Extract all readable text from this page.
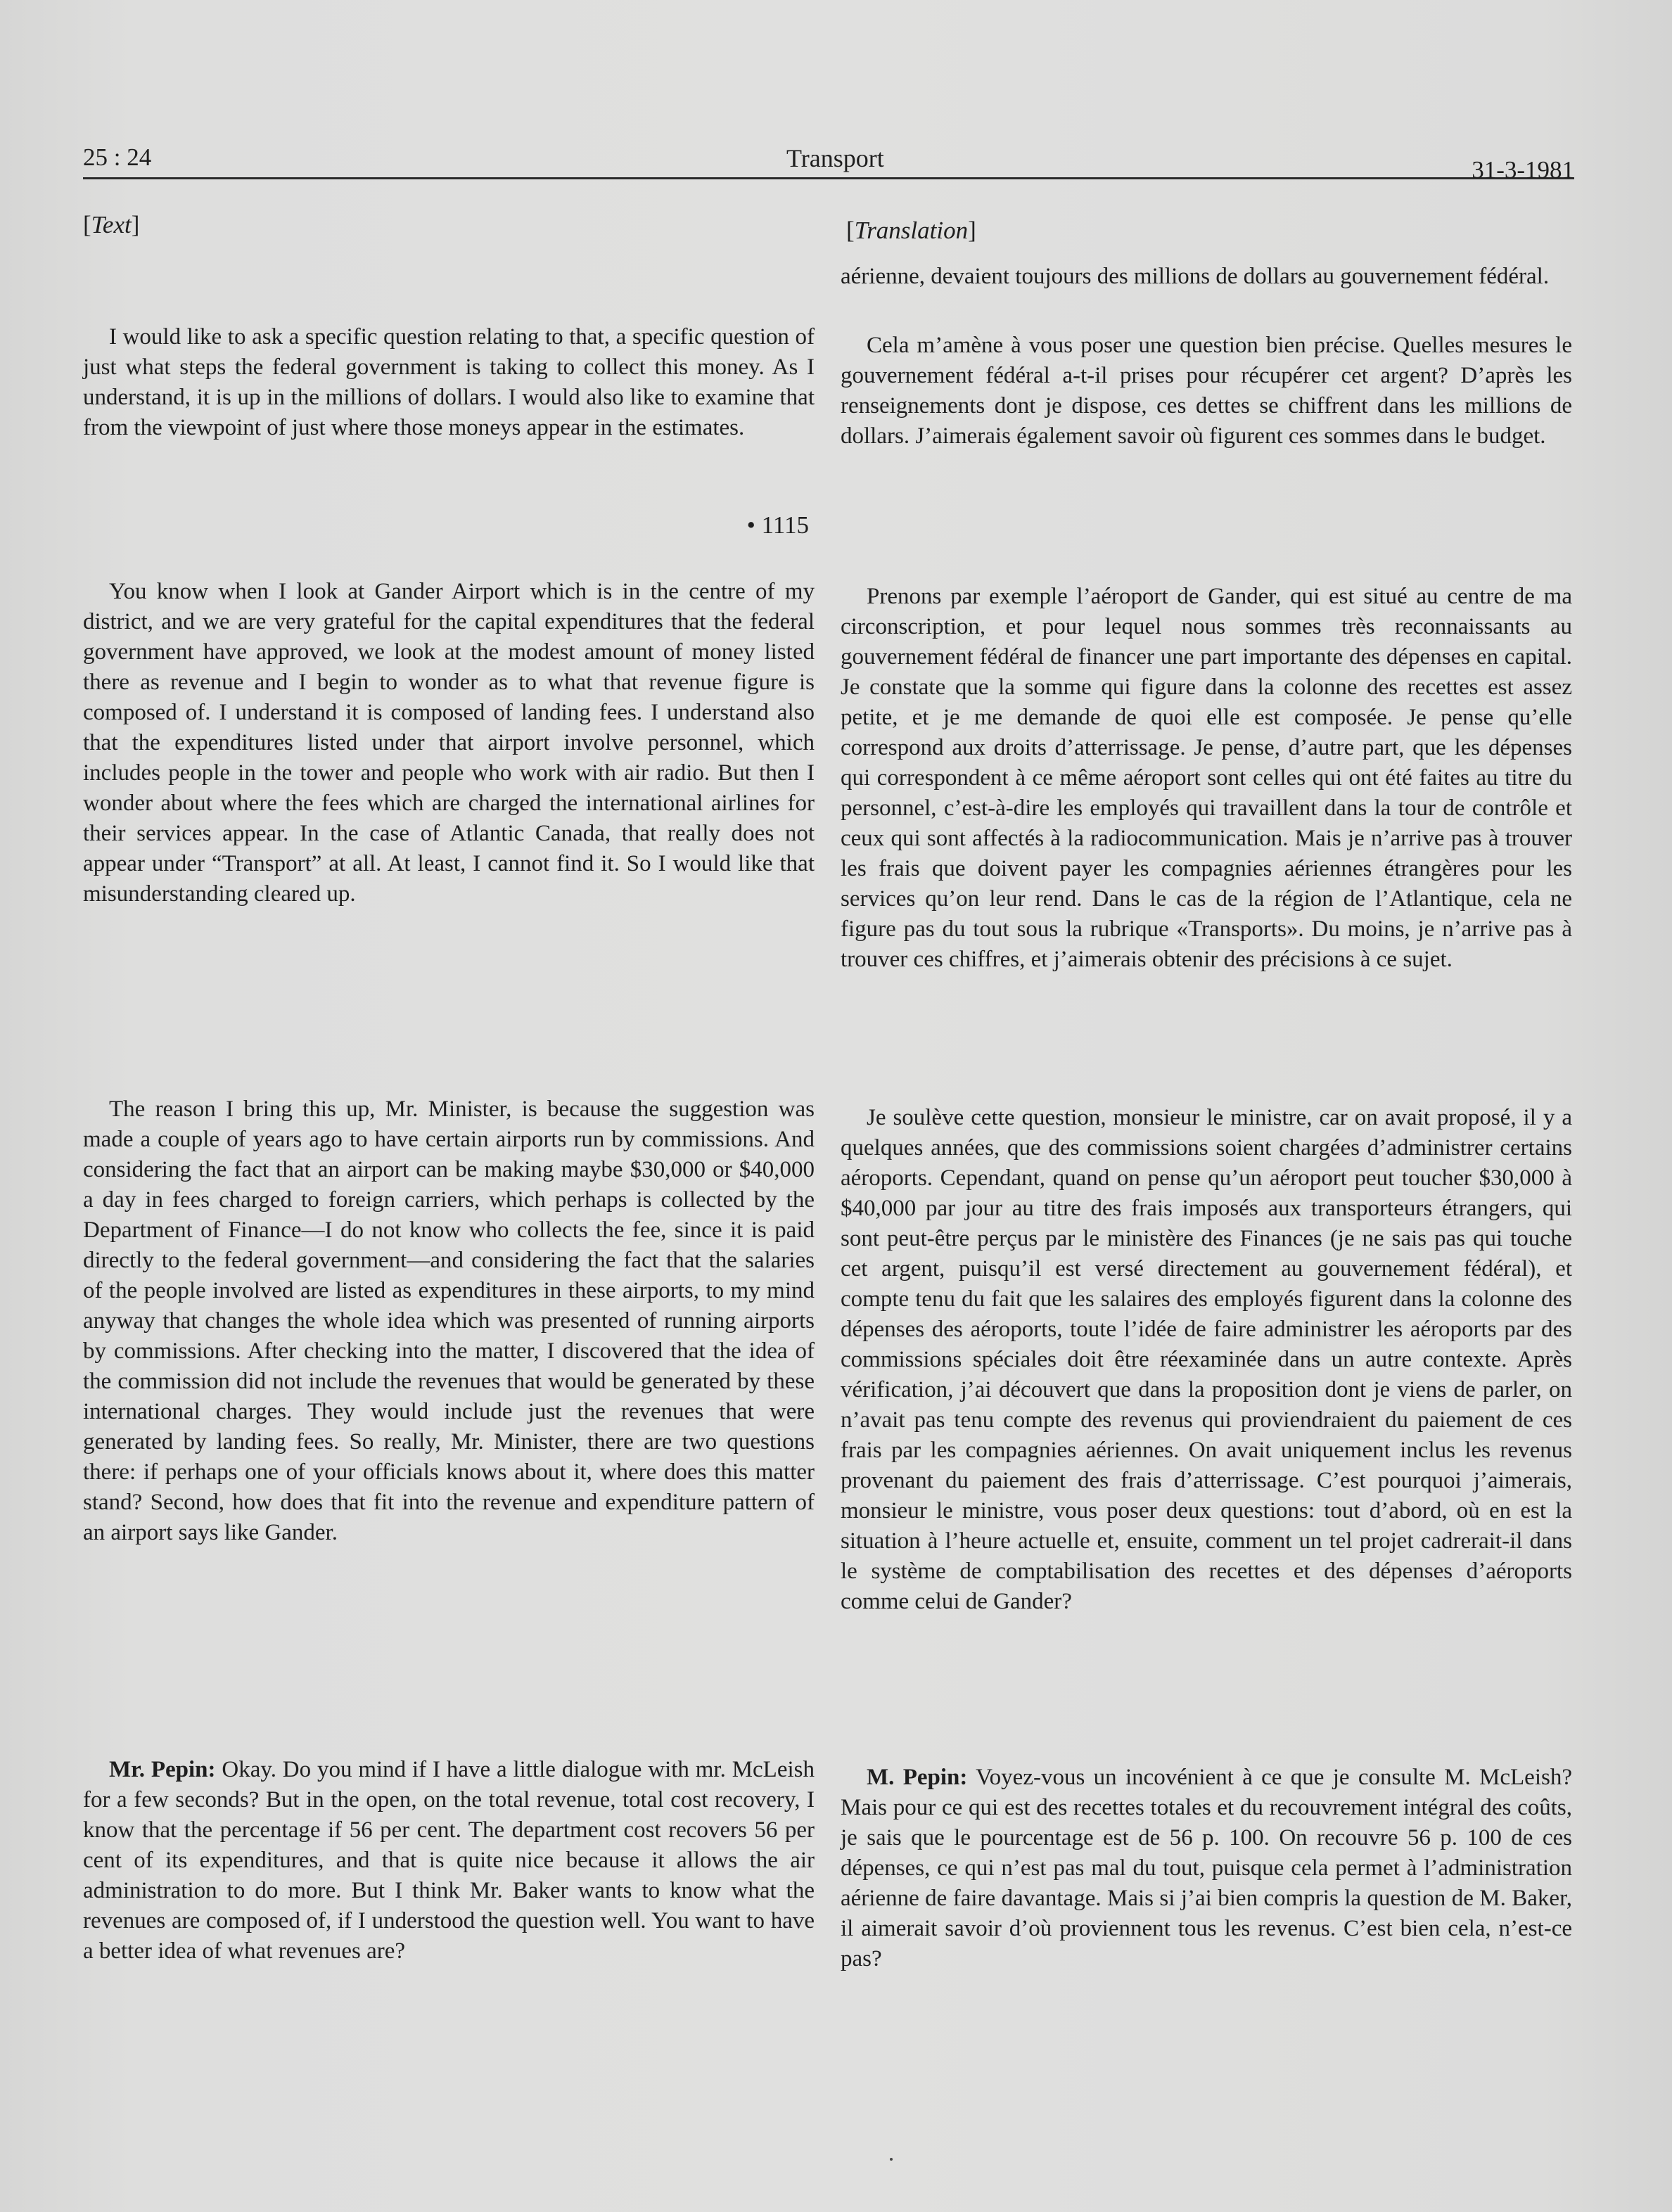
25 : 24	Transport	31-3-1981
[Text]

I would like to ask a specific question relating to that, a specific question of just what steps the federal government is taking to collect this money. As I understand, it is up in the millions of dollars. I would also like to examine that from the viewpoint of just where those moneys appear in the estimates.

• 1115

You know when I look at Gander Airport which is in the centre of my district, and we are very grateful for the capital expenditures that the federal government have approved, we look at the modest amount of money listed there as revenue and I begin to wonder as to what that revenue figure is composed of. I understand it is composed of landing fees. I understand also that the expenditures listed under that airport involve personnel, which includes people in the tower and people who work with air radio. But then I wonder about where the fees which are charged the international airlines for their services appear. In the case of Atlantic Canada, that really does not appear under “Transport” at all. At least, I cannot find it. So I would like that misunderstanding cleared up.

The reason I bring this up, Mr. Minister, is because the suggestion was made a couple of years ago to have certain airports run by commissions. And considering the fact that an airport can be making maybe $30,000 or $40,000 a day in fees charged to foreign carriers, which perhaps is collected by the Department of Finance—I do not know who collects the fee, since it is paid directly to the federal government—and considering the fact that the salaries of the people involved are listed as expenditures in these airports, to my mind anyway that changes the whole idea which was presented of running airports by commissions. After checking into the matter, I discovered that the idea of the commission did not include the revenues that would be generated by these international charges. They would include just the revenues that were generated by landing fees. So really, Mr. Minister, there are two questions there: if perhaps one of your officials knows about it, where does this matter stand? Second, how does that fit into the revenue and expenditure pattern of an airport says like Gander.

Mr. Pepin: Okay. Do you mind if I have a little dialogue with mr. McLeish for a few seconds? But in the open, on the total revenue, total cost recovery, I know that the percentage if 56 per cent. The department cost recovers 56 per cent of its expenditures, and that is quite nice because it allows the air administration to do more. But I think Mr. Baker wants to know what the revenues are composed of, if I understood the question well. You want to have a better idea of what revenues are?

[Translation]

aérienne, devaient toujours des millions de dollars au gouvernement fédéral.

Cela m’amène à vous poser une question bien précise. Quelles mesures le gouvernement fédéral a-t-il prises pour récupérer cet argent? D’après les renseignements dont je dispose, ces dettes se chiffrent dans les millions de dollars. J’aimerais également savoir où figurent ces sommes dans le budget.

Prenons par exemple l’aéroport de Gander, qui est situé au centre de ma circonscription, et pour lequel nous sommes très reconnaissants au gouvernement fédéral de financer une part importante des dépenses en capital. Je constate que la somme qui figure dans la colonne des recettes est assez petite, et je me demande de quoi elle est composée. Je pense qu’elle correspond aux droits d’atterrissage. Je pense, d’autre part, que les dépenses qui correspondent à ce même aéroport sont celles qui ont été faites au titre du personnel, c’est-à-dire les employés qui travaillent dans la tour de contrôle et ceux qui sont affectés à la radiocommunication. Mais je n’arrive pas à trouver les frais que doivent payer les compagnies aériennes étrangères pour les services qu’on leur rend. Dans le cas de la région de l’Atlantique, cela ne figure pas du tout sous la rubrique «Transports». Du moins, je n’arrive pas à trouver ces chiffres, et j’aimerais obtenir des précisions à ce sujet.

Je soulève cette question, monsieur le ministre, car on avait proposé, il y a quelques années, que des commissions soient chargées d’administrer certains aéroports. Cependant, quand on pense qu’un aéroport peut toucher $30,000 à $40,000 par jour au titre des frais imposés aux transporteurs étrangers, qui sont peut-être perçus par le ministère des Finances (je ne sais pas qui touche cet argent, puisqu’il est versé directement au gouvernement fédéral), et compte tenu du fait que les salaires des employés figurent dans la colonne des dépenses des aéroports, toute l’idée de faire administrer les aéroports par des commissions spéciales doit être réexaminée dans un autre contexte. Après vérification, j’ai découvert que dans la proposition dont je viens de parler, on n’avait pas tenu compte des revenus qui proviendraient du paiement de ces frais par les compagnies aériennes. On avait uniquement inclus les revenus provenant du paiement des frais d’atterrissage. C’est pourquoi j’aimerais, monsieur le ministre, vous poser deux questions: tout d’abord, où en est la situation à l’heure actuelle et, ensuite, comment un tel projet cadrerait-il dans le système de comptabilisation des recettes et des dépenses d’aéroports comme celui de Gander?

M. Pepin: Voyez-vous un incovénient à ce que je consulte M. McLeish? Mais pour ce qui est des recettes totales et du recouvrement intégral des coûts, je sais que le pourcentage est de 56 p. 100. On recouvre 56 p. 100 de ces dépenses, ce qui n’est pas mal du tout, puisque cela permet à l’administration aérienne de faire davantage. Mais si j’ai bien compris la question de M. Baker, il aimerait savoir d’où proviennent tous les revenus. C’est bien cela, n’est-ce pas?
